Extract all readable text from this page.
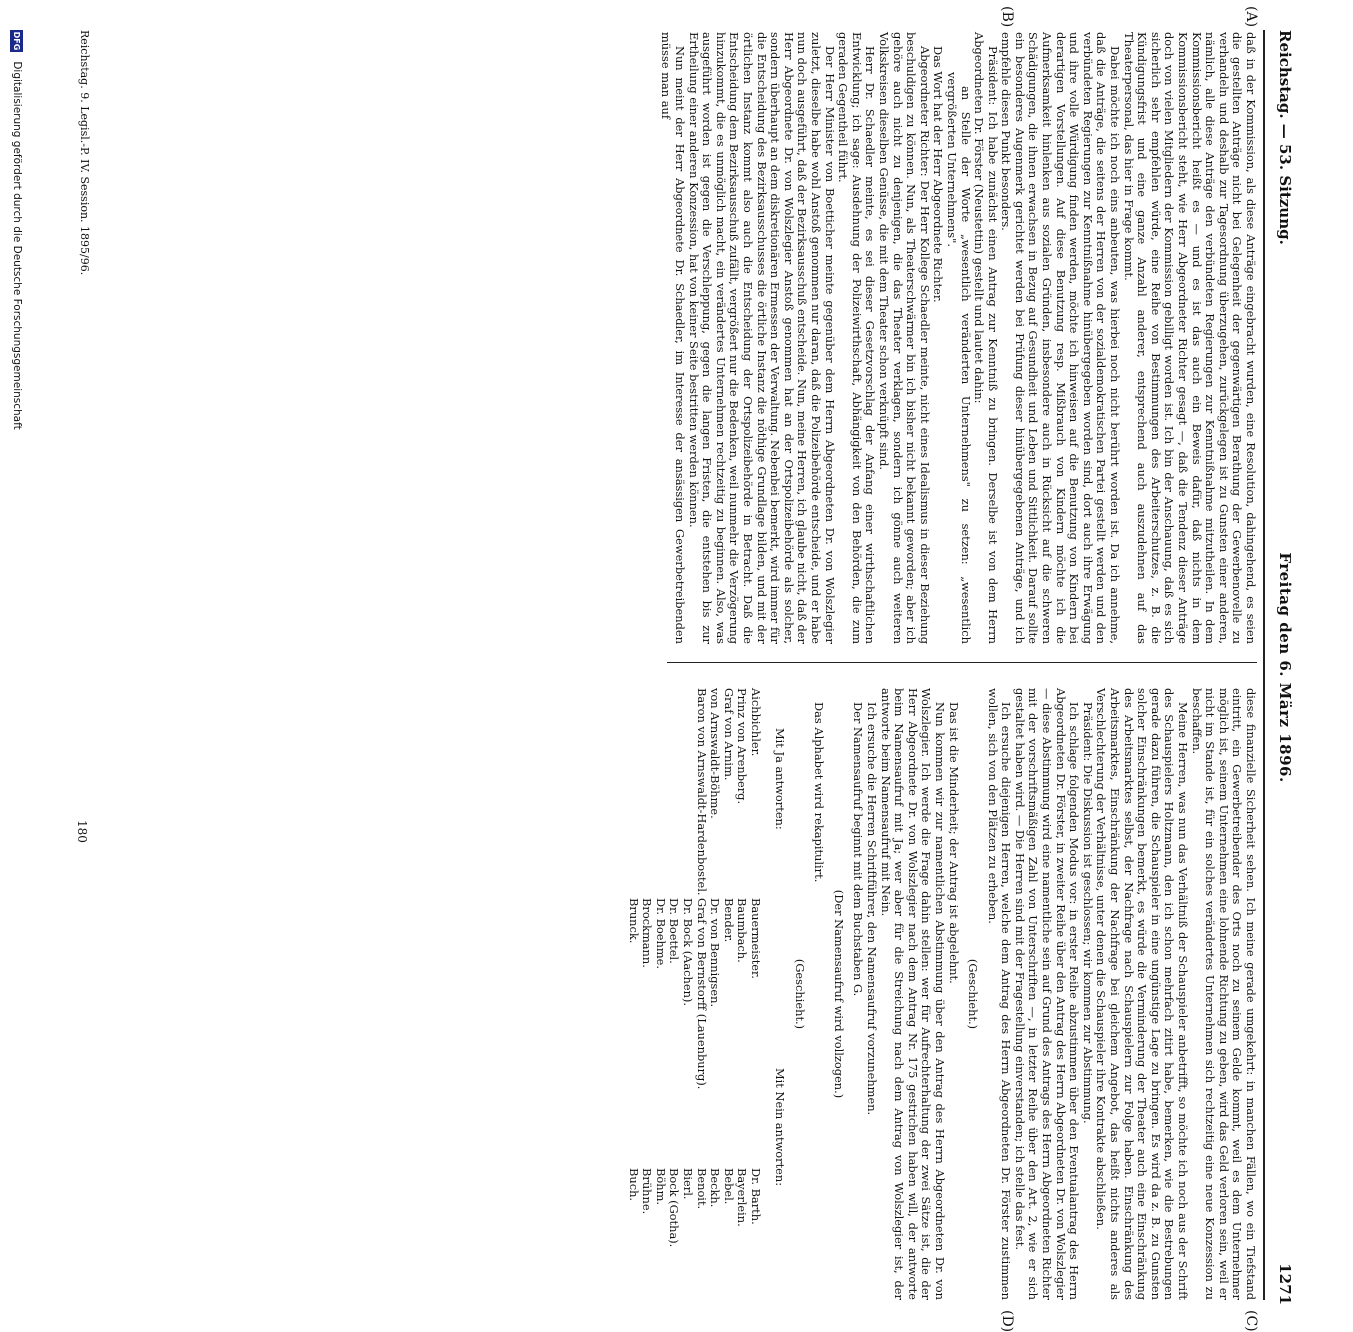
Reichstag. — 53. Sitzung.
Freitag den 6. März 1896.
1271
(A)
(B)
(C)
(D)

daß in der Kommission, als diese Anträge eingebracht wurden, eine Resolution, dahingehend, es seien die gestellten Anträge nicht bei Gelegenheit der gegenwärtigen Berathung der Gewerbenovelle zu verhandeln und deshalb zur Tagesordnung überzugehen, zurückgelegen ist zu Gunsten einer anderen, nämlich, alle diese Anträge den verbündeten Regierungen zur Kenntnißnahme mitzutheilen. In dem Kommissionsbericht heißt es — und es ist das auch ein Beweis dafür, daß nichts in dem Kommissionsbericht steht, wie Herr Abgeordneter Richter gesagt —, daß die Tendenz dieser Anträge doch von vielen Mitgliedern der Kommission gebilligt worden ist. Ich bin der Anschauung, daß es sich sicherlich sehr empfehlen würde, eine Reihe von Bestimmungen des Arbeiterschutzes, z. B. die Kündigungsfrist und eine ganze Anzahl anderer, entsprechend auch auszudehnen auf das Theaterpersonal, das hier in Frage kommt.

Dabei möchte ich noch eins anbeuten, was hierbei noch nicht berührt worden ist. Da ich annehme, daß die Anträge, die seitens der Herren von der sozialdemokratischen Partei gestellt werden und den verbündeten Regierungen zur Kenntnißnahme hinübergegeben worden sind, dort auch ihre Erwägung und ihre volle Würdigung finden werden, möchte ich hinweisen auf die Benutzung von Kindern bei derartigen Vorstellungen. Auf diese Benutzung resp. Mißbrauch von Kindern möchte ich die Aufmerksamkeit hinlenken aus sozialen Gründen, insbesondere auch in Rücksicht auf die schweren Schädigungen, die ihnen erwachsen in Bezug auf Gesundheit und Leben und Sittlichkeit. Darauf sollte ein besonderes Augenmerk gerichtet werden bei Prüfung dieser hinübergegebenen Anträge, und ich empfehle diesen Punkt besonders.

Präsident: Ich habe zunächst einen Antrag zur Kenntniß zu bringen. Derselbe ist von dem Herrn Abgeordneten Dr. Förster (Neustettin) gestellt und lautet dahin:

an Stelle der Worte „wesentlich veränderten Unternehmens" zu setzen: „wesentlich vergrößerten Unternehmens".

Das Wort hat der Herr Abgeordnete Richter.

Abgeordneter Richter: Der Herr Kollege Schaedler meinte, nicht eines Idealismus in dieser Beziehung beschuldigen zu können. Nun, als Theaterschwärmer bin ich bisher nicht bekannt geworden; aber ich gehöre auch nicht zu denjenigen, die das Theater verklagen, sondern ich gönne auch weiteren Volkskreisen dieselben Genüsse, die mit dem Theater schon verknüpft sind.

Herr Dr. Schaedler meinte, es sei dieser Gesetzvorschlag der Anfang einer wirthschaftlichen Entwicklung; ich sage: Ausdehnung der Polizeiwirthschaft, Abhängigkeit von den Behörden, die zum geraden Gegentheil führt.

Der Herr Minister von Boetticher meinte gegenüber dem Herrn Abgeordneten Dr. von Wolszlegier zuletzt, dieselbe habe wohl Anstoß genommen nur daran, daß die Polizeibehörde entscheide, und er habe nun doch ausgeführt, daß der Bezirksausschuß entscheide. Nun, meine Herren, ich glaube nicht, daß der Herr Abgeordnete Dr. von Wolszlegier Anstoß genommen hat an der Ortspolizeibehörde als solcher, sondern überhaupt an dem diskretionären Ermessen der Verwaltung. Nebenbei bemerkt, wird immer für die Entscheidung des Bezirksausschusses die örtliche Instanz die nöthige Grundlage bilden, und mit der örtlichen Instanz kommt also auch die Entscheidung der Ortspolizeibehörde in Betracht. Daß die Entscheidung dem Bezirksausschuß zufällt, vergrößert nur die Bedenken, weil nunmehr die Verzögerung hinzukommt, die es unmöglich macht, ein verändertes Unternehmen rechtzeitig zu beginnen. Also, was ausgeführt worden ist gegen die Verschleppung, gegen die langen Fristen, die entstehen bis zur Ertheilung einer anderen Konzession, hat von keiner Seite bestritten werden können.

Nun meint der Herr Abgeordnete Dr. Schaedler, im Interesse der ansässigen Gewerbetreibenden müsse man auf

diese finanzielle Sicherheit sehen. Ich meine gerade umgekehrt: in manchen Fällen, wo ein Tiefstand eintritt, ein Gewerbetreibender des Orts noch zu seinem Gelde kommt, weil es dem Unternehmer möglich ist, seinem Unternehmen eine lohnende Richtung zu geben, wird das Geld verloren sein, weil er nicht im Stande ist, für ein solches verändertes Unternehmen sich rechtzeitig eine neue Konzession zu beschaffen.

Meine Herren, was nun das Verhältniß der Schauspieler anbetrifft, so möchte ich noch aus der Schrift des Schauspielers Holtzmann, den ich schon mehrfach zitirt habe, bemerken, wie die Bestrebungen gerade dazu führen, die Schauspieler in eine ungünstige Lage zu bringen. Es wird da z. B. zu Gunsten solcher Einschränkungen bemerkt, es würde die Verminderung der Theater auch eine Einschränkung des Arbeitsmarktes selbst, der Nachfrage nach Schauspielern zur Folge haben. Einschränkung des Arbeitsmarktes, Einschränkung der Nachfrage bei gleichem Angebot, das heißt nichts anderes als Verschlechterung der Verhältnisse, unter denen die Schauspieler ihre Kontrakte abschließen.

Präsident: Die Diskussion ist geschlossen; wir kommen zur Abstimmung.

Ich schlage folgenden Modus vor: in erster Reihe abzustimmen über den Eventualantrag des Herrn Abgeordneten Dr. Förster, in zweiter Reihe über den Antrag des Herrn Abgeordneten Dr. von Wolszlegier — diese Abstimmung wird eine namentliche sein auf Grund des Antrags des Herrn Abgeordneten Richter mit der vorschriftsmäßigen Zahl von Unterschriften —, in letzter Reihe über den Art. 2, wie er sich gestaltet haben wird. — Die Herren sind mit der Fragestellung einverstanden; ich stelle das fest.

Ich ersuche diejenigen Herren, welche dem Antrag des Herrn Abgeordneten Dr. Förster zustimmen wollen, sich von den Plätzen zu erheben.

(Geschieht.)

Das ist die Minderheit; der Antrag ist abgelehnt.

Nun kommen wir zur namentlichen Abstimmung über den Antrag des Herrn Abgeordneten Dr. von Wolszlegier. Ich werde die Frage dahin stellen: wer für Aufrechterhaltung der zwei Sätze ist, die der Herr Abgeordnete Dr. von Wolszlegier nach dem Antrag Nr. 175 gestrichen haben will, der antworte beim Namensaufruf mit Ja; wer aber für die Streichung nach dem Antrag von Wolszlegier ist, der antworte beim Namensaufruf mit Nein.

Ich ersuche die Herren Schriftführer, den Namensaufruf vorzunehmen.

Der Namensaufruf beginnt mit dem Buchstaben G.

(Der Namensaufruf wird vollzogen.)

Das Alphabet wird rekapitulirt.

(Geschieht.)

Mit Ja antworten:
Mit Nein antworten:
Aichbichler.
Prinz von Arenberg.
Graf von Arnim.
von Arnswaldt-Böhme.
Baron von Arnswaldt-Hardenbostel.
Bauermeister.
Baumbach.
Bender.
Dr. von Bennigsen.
Graf von Bernstorff (Lauenburg).
Dr. Bock (Aachen).
Dr. Boettel.
Dr. Boehme.
Brockmann.
Brunck.
Dr. Barth.
Bayerlein.
Bebel.
Beckh.
Benoit.
Bierl.
Bock (Gotha).
Böhm.
Brühne.
Buch.
Reichstag. 9. Legisl.-P. IV. Session. 1895/96.
180
DFG Digitalisierung gefördert durch die Deutsche Forschungsgemeinschaft
